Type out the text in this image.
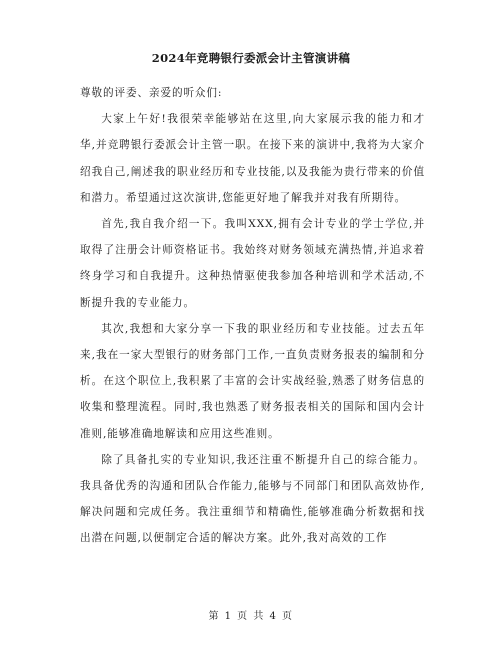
2024年竞聘银行委派会计主管演讲稿

尊敬的评委、亲爱的听众们:

大家上午好!我很荣幸能够站在这里,向大家展示我的能力和才华,并竞聘银行委派会计主管一职。在接下来的演讲中,我将为大家介绍我自己,阐述我的职业经历和专业技能,以及我能为贵行带来的价值和潜力。希望通过这次演讲,您能更好地了解我并对我有所期待。

首先,我自我介绍一下。我叫XXX,拥有会计专业的学士学位,并取得了注册会计师资格证书。我始终对财务领域充满热情,并追求着终身学习和自我提升。这种热情驱使我参加各种培训和学术活动,不断提升我的专业能力。

其次,我想和大家分享一下我的职业经历和专业技能。过去五年来,我在一家大型银行的财务部门工作,一直负责财务报表的编制和分析。在这个职位上,我积累了丰富的会计实战经验,熟悉了财务信息的收集和整理流程。同时,我也熟悉了财务报表相关的国际和国内会计准则,能够准确地解读和应用这些准则。

除了具备扎实的专业知识,我还注重不断提升自己的综合能力。我具备优秀的沟通和团队合作能力,能够与不同部门和团队高效协作,解决问题和完成任务。我注重细节和精确性,能够准确分析数据和找出潜在问题,以便制定合适的解决方案。此外,我对高效的工作

第 1 页 共 4 页
